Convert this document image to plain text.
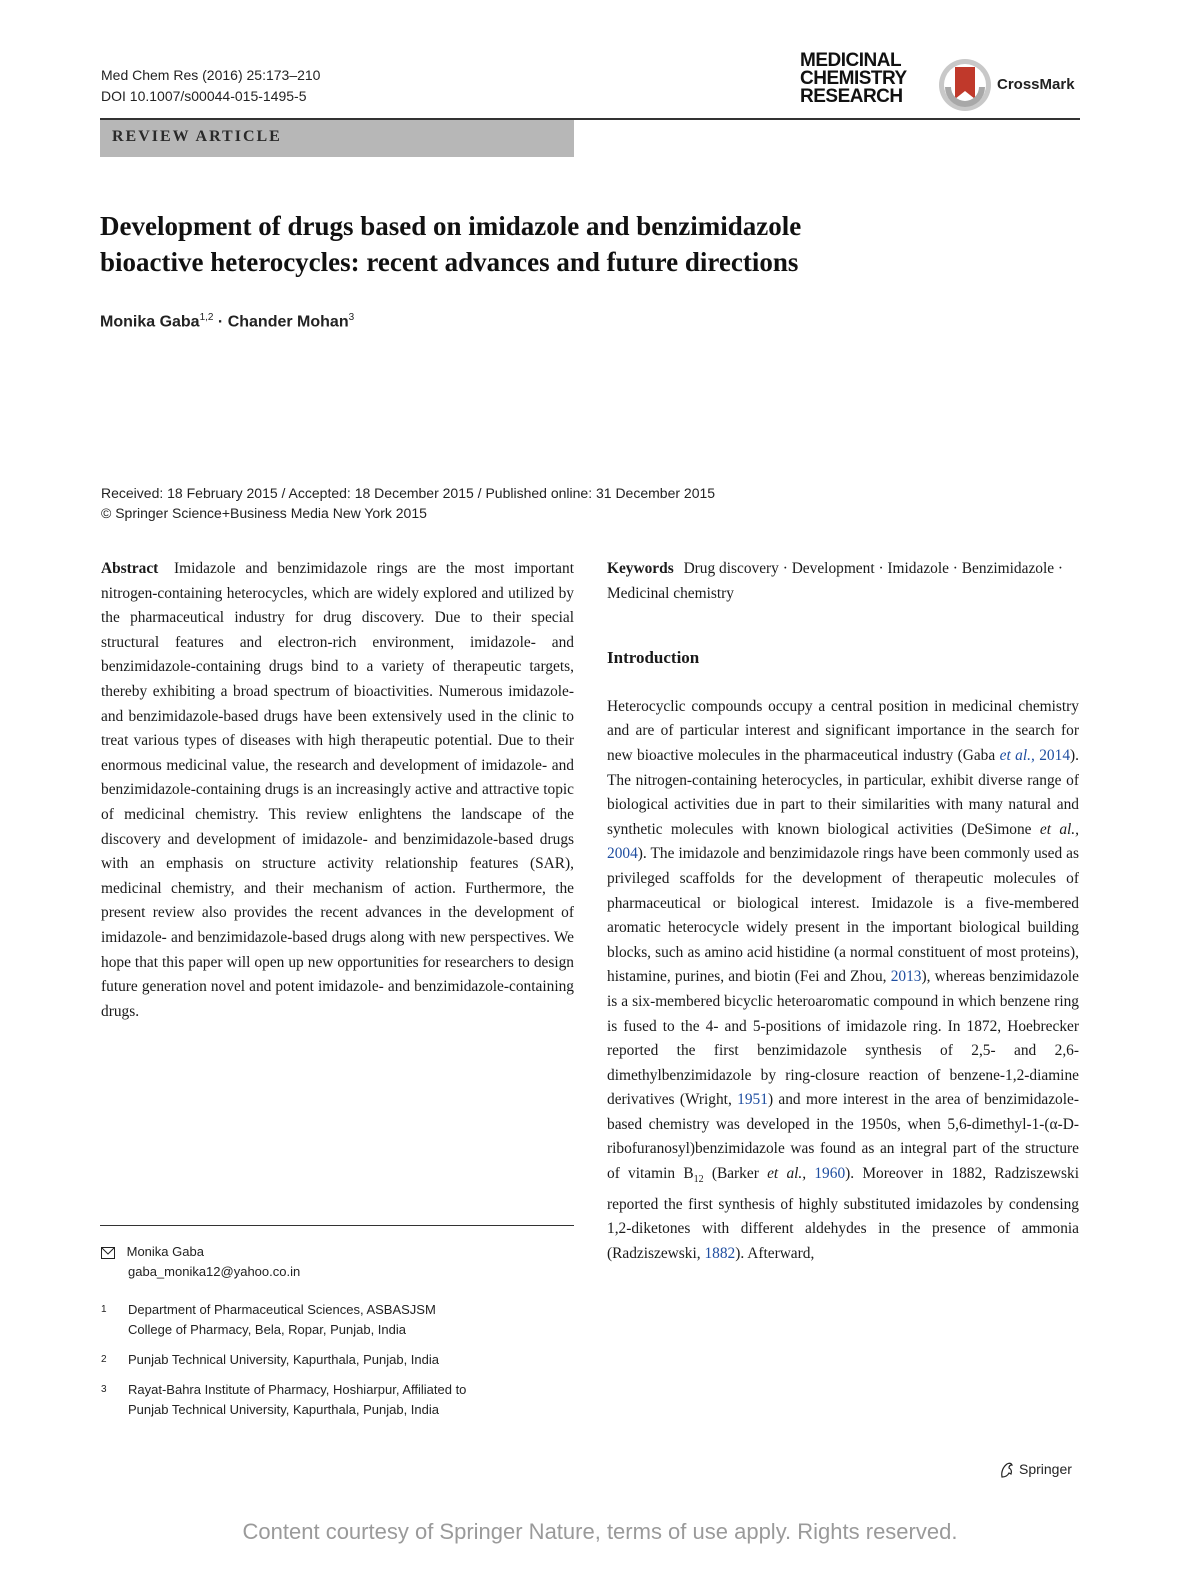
Med Chem Res (2016) 25:173–210
DOI 10.1007/s00044-015-1495-5
MEDICINAL
CHEMISTRY
RESEARCH
CrossMark
REVIEW ARTICLE
Development of drugs based on imidazole and benzimidazole
bioactive heterocycles: recent advances and future directions
Monika Gaba$^{1,2}$ · Chander Mohan$^3$
Received: 18 February 2015 / Accepted: 18 December 2015 / Published online: 31 December 2015
© Springer Science+Business Media New York 2015
Abstract Imidazole and benzimidazole rings are the most important nitrogen-containing heterocycles, which are widely explored and utilized by the pharmaceutical industry for drug discovery. Due to their special structural features and electron-rich environment, imidazole- and benzimidazole-containing drugs bind to a variety of therapeutic targets, thereby exhibiting a broad spectrum of bioactivities. Numerous imidazole- and benzimidazole-based drugs have been extensively used in the clinic to treat various types of diseases with high therapeutic potential. Due to their enormous medicinal value, the research and development of imidazole- and benzimidazole-containing drugs is an increasingly active and attractive topic of medicinal chemistry. This review enlightens the landscape of the discovery and development of imidazole- and benzimidazole-based drugs with an emphasis on structure activity relationship features (SAR), medicinal chemistry, and their mechanism of action. Furthermore, the present review also provides the recent advances in the development of imidazole- and benzimidazole-based drugs along with new perspectives. We hope that this paper will open up new opportunities for researchers to design future generation novel and potent imidazole- and benzimidazole-containing drugs.
Keywords Drug discovery · Development · Imidazole · Benzimidazole · Medicinal chemistry
Introduction
Heterocyclic compounds occupy a central position in medicinal chemistry and are of particular interest and significant importance in the search for new bioactive molecules in the pharmaceutical industry (Gaba et al., 2014). The nitrogen-containing heterocycles, in particular, exhibit diverse range of biological activities due in part to their similarities with many natural and synthetic molecules with known biological activities (DeSimone et al., 2004). The imidazole and benzimidazole rings have been commonly used as privileged scaffolds for the development of therapeutic molecules of pharmaceutical or biological interest. Imidazole is a five-membered aromatic heterocycle widely present in the important biological building blocks, such as amino acid histidine (a normal constituent of most proteins), histamine, purines, and biotin (Fei and Zhou, 2013), whereas benzimidazole is a six-membered bicyclic heteroaromatic compound in which benzene ring is fused to the 4- and 5-positions of imidazole ring. In 1872, Hoebrecker reported the first benzimidazole synthesis of 2,5- and 2,6-dimethylbenzimidazole by ring-closure reaction of benzene-1,2-diamine derivatives (Wright, 1951) and more interest in the area of benzimidazole-based chemistry was developed in the 1950s, when 5,6-dimethyl-1-(α-D-ribofuranosyl)benzimidazole was found as an integral part of the structure of vitamin $B_{12}$ (Barker et al., 1960). Moreover in 1882, Radziszewski reported the first synthesis of highly substituted imidazoles by condensing 1,2-diketones with different aldehydes in the presence of ammonia (Radziszewski, 1882). Afterward,
Monika Gaba
gaba_monika12@yahoo.co.in
1 Department of Pharmaceutical Sciences, ASBASJSM
College of Pharmacy, Bela, Ropar, Punjab, India
2 Punjab Technical University, Kapurthala, Punjab, India
3 Rayat-Bahra Institute of Pharmacy, Hoshiarpur, Affiliated to
Punjab Technical University, Kapurthala, Punjab, India
Springer
Content courtesy of Springer Nature, terms of use apply. Rights reserved.
